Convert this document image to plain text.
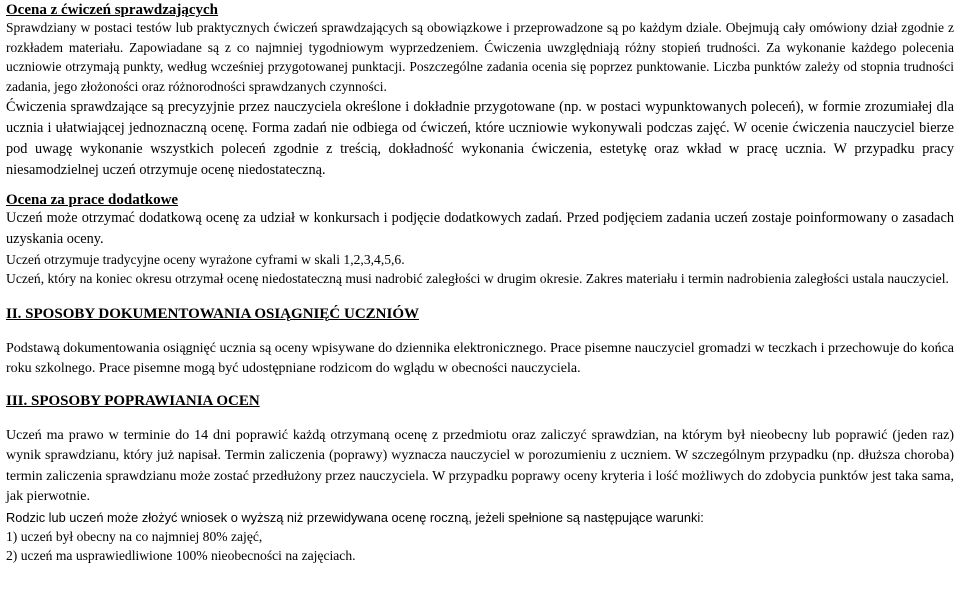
Ocena z ćwiczeń sprawdzających

Sprawdziany w postaci testów lub praktycznych ćwiczeń sprawdzających są obowiązkowe i przeprowadzone są po każdym dziale. Obejmują cały omówiony dział zgodnie z rozkładem materiału. Zapowiadane są z co najmniej tygodniowym wyprzedzeniem. Ćwiczenia uwzględniają różny stopień trudności. Za wykonanie każdego polecenia uczniowie otrzymają punkty, według wcześniej przygotowanej punktacji. Poszczególne zadania ocenia się poprzez punktowanie. Liczba punktów zależy od stopnia trudności zadania, jego złożoności oraz różnorodności sprawdzanych czynności.

Ćwiczenia sprawdzające są precyzyjnie przez nauczyciela określone i dokładnie przygotowane (np. w postaci wypunktowanych poleceń), w formie zrozumiałej dla ucznia i ułatwiającej jednoznaczną ocenę. Forma zadań nie odbiega od ćwiczeń, które uczniowie wykonywali podczas zajęć. W ocenie ćwiczenia nauczyciel bierze pod uwagę wykonanie wszystkich poleceń zgodnie z treścią, dokładność wykonania ćwiczenia, estetykę oraz wkład w pracę ucznia. W przypadku pracy niesamodzielnej uczeń otrzymuje ocenę niedostateczną.

Ocena za prace dodatkowe

Uczeń może otrzymać dodatkową ocenę za udział w konkursach i podjęcie dodatkowych zadań. Przed podjęciem zadania uczeń zostaje poinformowany o zasadach uzyskania oceny.

Uczeń otrzymuje tradycyjne oceny wyrażone cyframi w skali 1,2,3,4,5,6.

Uczeń, który na koniec okresu otrzymał ocenę niedostateczną musi nadrobić zaległości w drugim okresie. Zakres materiału i termin nadrobienia zaległości ustala nauczyciel.

II. SPOSOBY DOKUMENTOWANIA OSIĄGNIĘĆ UCZNIÓW

Podstawą dokumentowania osiągnięć ucznia są oceny wpisywane do dziennika elektronicznego. Prace pisemne nauczyciel gromadzi w teczkach i przechowuje do końca roku szkolnego. Prace pisemne mogą być udostępniane rodzicom do wglądu w obecności nauczyciela.

III. SPOSOBY POPRAWIANIA OCEN

Uczeń ma prawo w terminie do 14 dni poprawić każdą otrzymaną ocenę z przedmiotu oraz zaliczyć sprawdzian, na którym był nieobecny lub poprawić (jeden raz) wynik sprawdzianu, który już napisał. Termin zaliczenia (poprawy) wyznacza nauczyciel w porozumieniu z uczniem. W szczególnym przypadku (np. dłuższa choroba) termin zaliczenia sprawdzianu może zostać przedłużony przez nauczyciela. W przypadku poprawy oceny kryteria i lość możliwych do zdobycia punktów jest taka sama, jak pierwotnie.

Rodzic lub uczeń może złożyć wniosek o wyższą niż przewidywana ocenę roczną, jeżeli spełnione są następujące warunki:

1) uczeń był obecny na co najmniej 80% zajęć,

2) uczeń ma usprawiedliwione 100% nieobecności na zajęciach.
